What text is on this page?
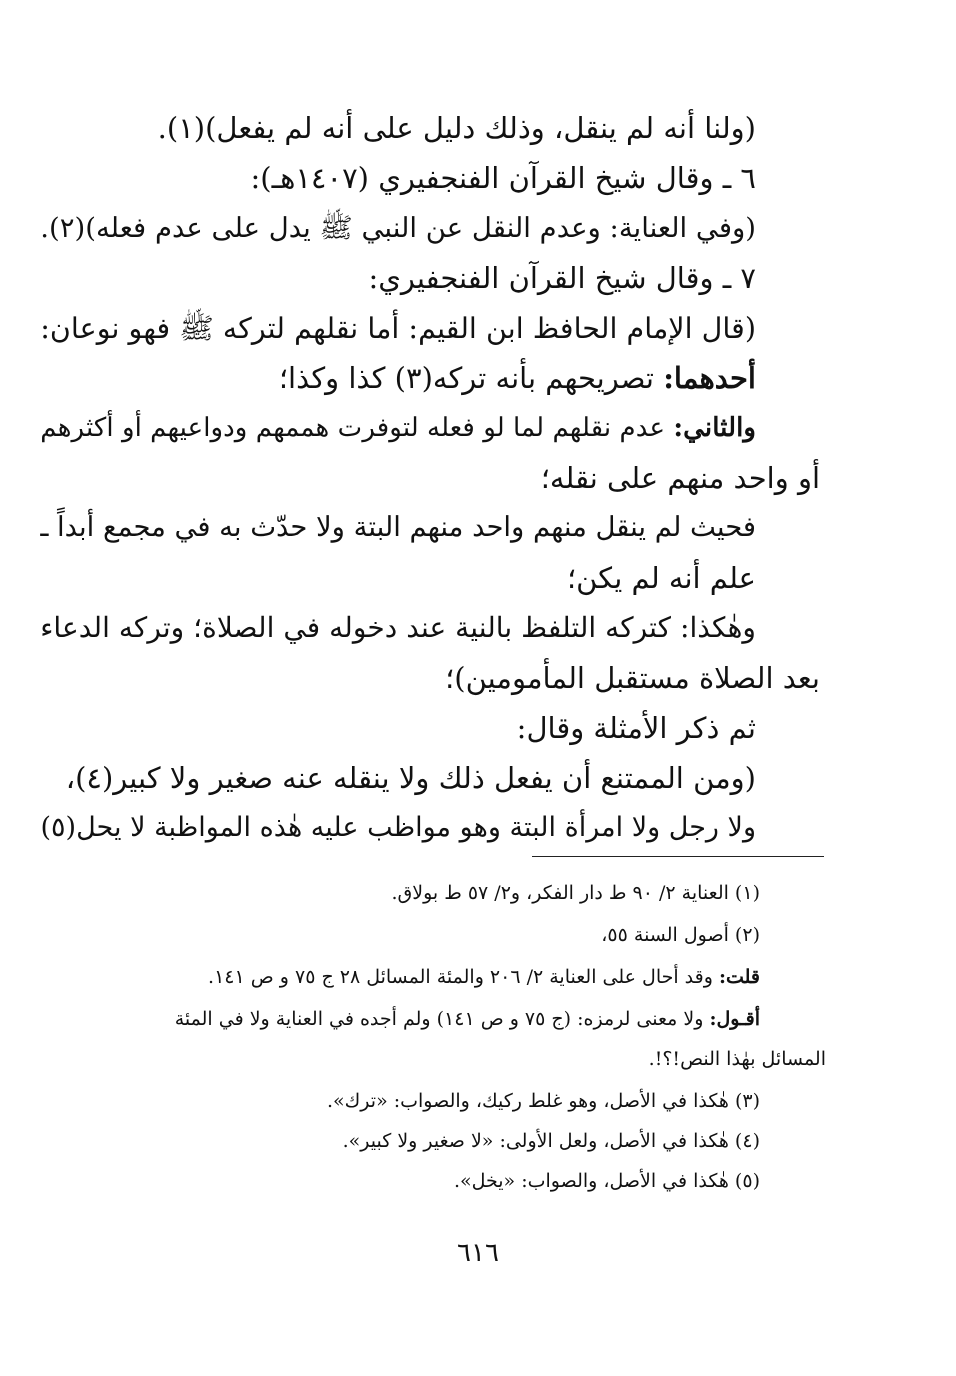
(ولنا أنه لم ينقل، وذلك دليل على أنه لم يفعل)(١).
٦ ـ وقال شيخ القرآن الفنجفيري (١٤٠٧هـ):
(وفي العناية: وعدم النقل عن النبي ﷺ يدل على عدم فعله)(٢).
٧ ـ وقال شيخ القرآن الفنجفيري:
(قال الإمام الحافظ ابن القيم: أما نقلهم لتركه ﷺ فهو نوعان:
أحدهما: تصريحهم بأنه تركه(٣) كذا وكذا؛
والثاني: عدم نقلهم لما لو فعله لتوفرت هممهم ودواعيهم أو أكثرهم
أو واحد منهم على نقله؛
فحيث لم ينقل منهم واحد منهم البتة ولا حدّث به في مجمع أبداً ـ
علم أنه لم يكن؛
وهٰكذا: كتركه التلفظ بالنية عند دخوله في الصلاة؛ وتركه الدعاء
بعد الصلاة مستقبل المأمومين)؛
ثم ذكر الأمثلة وقال:
(ومن الممتنع أن يفعل ذلك ولا ينقله عنه صغير ولا كبير(٤)،
ولا رجل ولا امرأة البتة وهو مواظب عليه هٰذه المواظبة لا يحل(٥)
(١) العناية ٢/ ٩٠ ط دار الفكر، و٢/ ٥٧ ط بولاق.
(٢) أصول السنة ٥٥،
قلت: وقد أحال على العناية ٢/ ٢٠٦ والمئة المسائل ٢٨ ج ٧٥ و ص ١٤١.
أقـول: ولا معنى لرمزه: (ج ٧٥ و ص ١٤١) ولم أجده في العناية ولا في المئة
المسائل بهٰذا النص!؟!.
(٣) هٰكذا في الأصل، وهو غلط ركيك، والصواب: «ترك».
(٤) هٰكذا في الأصل، ولعل الأولى: «لا صغير ولا كبير».
(٥) هٰكذا في الأصل، والصواب: «يخل».
٦١٦
